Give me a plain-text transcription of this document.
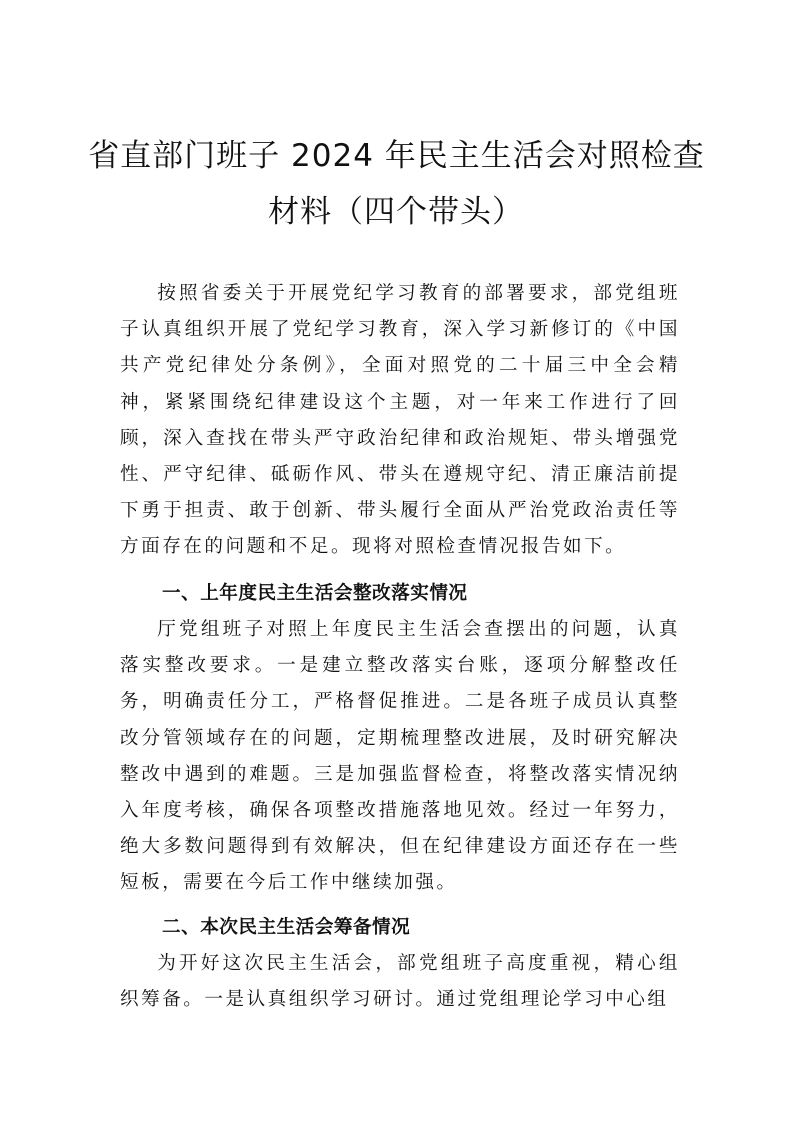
省直部门班子 2024 年民主生活会对照检查
材料（四个带头）

按照省委关于开展党纪学习教育的部署要求，部党组班子认真组织开展了党纪学习教育，深入学习新修订的《中国共产党纪律处分条例》，全面对照党的二十届三中全会精神，紧紧围绕纪律建设这个主题，对一年来工作进行了回顾，深入查找在带头严守政治纪律和政治规矩、带头增强党性、严守纪律、砥砺作风、带头在遵规守纪、清正廉洁前提下勇于担责、敢于创新、带头履行全面从严治党政治责任等方面存在的问题和不足。现将对照检查情况报告如下。

一、上年度民主生活会整改落实情况

厅党组班子对照上年度民主生活会查摆出的问题，认真落实整改要求。一是建立整改落实台账，逐项分解整改任务，明确责任分工，严格督促推进。二是各班子成员认真整改分管领域存在的问题，定期梳理整改进展，及时研究解决整改中遇到的难题。三是加强监督检查，将整改落实情况纳入年度考核，确保各项整改措施落地见效。经过一年努力，绝大多数问题得到有效解决，但在纪律建设方面还存在一些短板，需要在今后工作中继续加强。

二、本次民主生活会筹备情况

为开好这次民主生活会，部党组班子高度重视，精心组织筹备。一是认真组织学习研讨。通过党组理论学习中心组
